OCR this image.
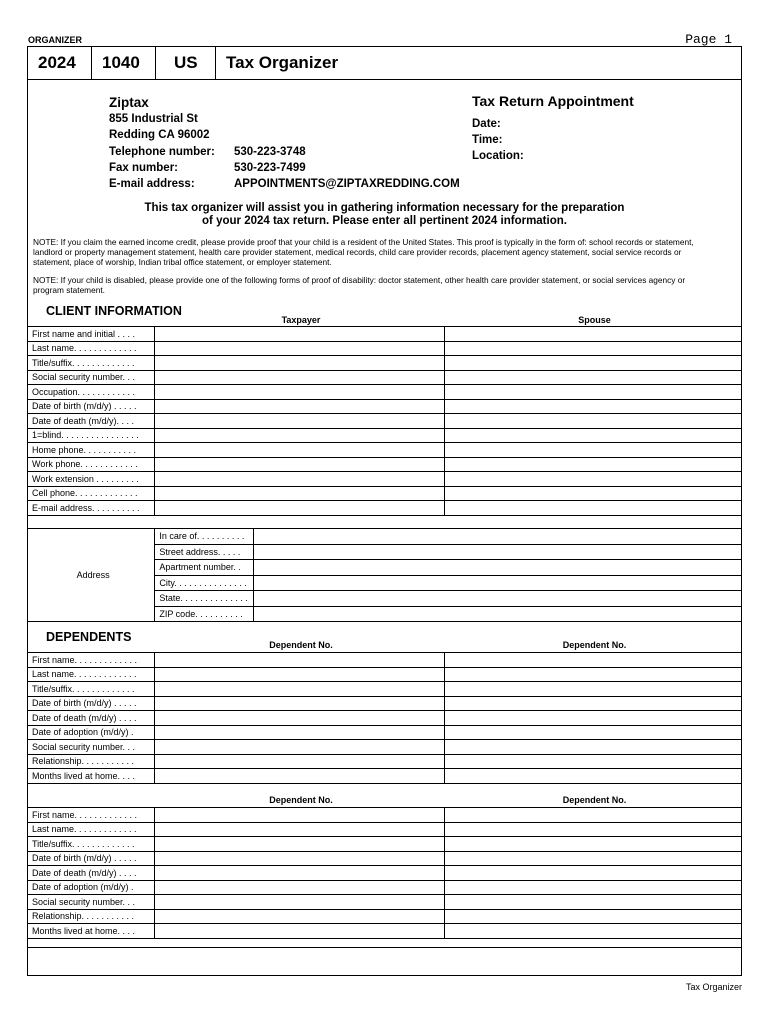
ORGANIZER	Page 1
2024	1040	US	Tax Organizer
Ziptax
855 Industrial St
Redding CA 96002
Telephone number: 530-223-3748
Fax number:	530-223-7499
E-mail address:	APPOINTMENTS@ZIPTAXREDDING.COM
Tax Return Appointment
Date:
Time:
Location:
This tax organizer will assist you in gathering information necessary for the preparation
of your 2024 tax return. Please enter all pertinent 2024 information.
NOTE: If you claim the earned income credit, please provide proof that your child is a resident of the United States. This proof is typically in the form of: school records or statement, landlord or property management statement, health care provider statement, medical records, child care provider records, placement agency statement, social service records or statement, place of worship, Indian tribal office statement, or employer statement.
NOTE: If your child is disabled, please provide one of the following forms of proof of disability: doctor statement, other health care provider statement, or social services agency or program statement.
CLIENT INFORMATION
Taxpayer	Spouse
First name and initial . . . .		
Last name. . . . . . . . . . . . .		
Title/suffix. . . . . . . . . . . . .		
Social security number. . .		
Occupation. . . . . . . . . . . .		
Date of birth (m/d/y) . . . . .		
Date of death (m/d/y). . . .		
1=blind. . . . . . . . . . . . . . . .		
Home phone. . . . . . . . . . .		
Work phone. . . . . . . . . . . .		
Work extension . . . . . . . . .		
Cell phone. . . . . . . . . . . . .		
E-mail address. . . . . . . . . .		
Address	In care of. . . . . . . . . .	
	Street address. . . . .	
	Apartment number. .	
	City. . . . . . . . . . . . . . .	
	State. . . . . . . . . . . . . .	
	ZIP code. . . . . . . . . .	
DEPENDENTS
Dependent No.	Dependent No.
First name. . . . . . . . . . . . .		
Last name. . . . . . . . . . . . .		
Title/suffix. . . . . . . . . . . . .		
Date of birth (m/d/y) . . . . .		
Date of death (m/d/y) . . . .		
Date of adoption (m/d/y) .		
Social security number. . .		
Relationship. . . . . . . . . . .		
Months lived at home. . . .		
Dependent No.	Dependent No.
First name. . . . . . . . . . . . .		
Last name. . . . . . . . . . . . .		
Title/suffix. . . . . . . . . . . . .		
Date of birth (m/d/y) . . . . .		
Date of death (m/d/y) . . . .		
Date of adoption (m/d/y) .		
Social security number. . .		
Relationship. . . . . . . . . . .		
Months lived at home. . . .		
Tax Organizer
